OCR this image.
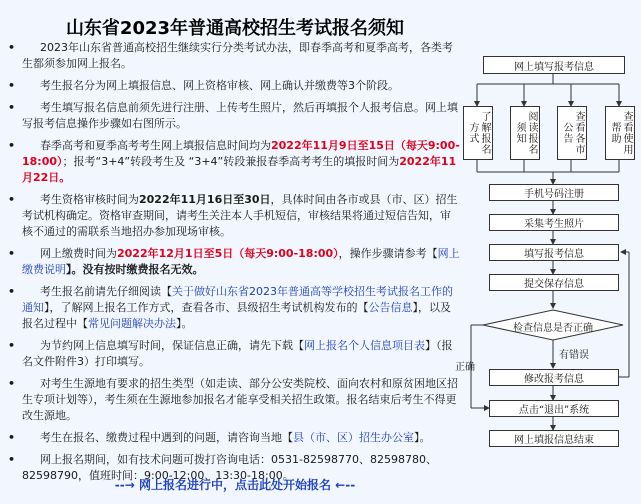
山东省2023年普通高校招生考试报名须知
• 2023年山东省普通高校招生继续实行分类考试办法，即春季高考和夏季高考，各类考生都须参加网上报名。
• 考生报名分为网上填报信息、网上资格审核、网上确认并缴费等3个阶段。
• 考生填写报名信息前须先进行注册、上传考生照片，然后再填报个人报考信息。网上填写报考信息操作步骤如右图所示。
• 春季高考和夏季高考考生网上填报信息时间均为2022年11月9日至15日（每天9:00-18:00）；报考“3+4”转段考生及 “3+4”转段兼报春季高考考生的填报时间为2022年11月22日。
• 考生资格审核时间为2022年11月16日至30日，具体时间由各市或县（市、区）招生考试机构确定。资格审查期间，请考生关注本人手机短信，审核结果将通过短信告知，审核不通过的需联系当地招办参加现场审核。
• 网上缴费时间为2022年12月1日至5日（每天9:00-18:00），操作步骤请参考【网上缴费说明】。没有按时缴费报名无效。
• 考生报名前请先仔细阅读【关于做好山东省2023年普通高等学校招生考试报名工作的通知】，了解网上报名工作方式，查看各市、县级招生考试机构发布的【公告信息】，以及报名过程中【常见问题解决办法】。
• 为节约网上信息填写时间，保证信息正确，请先下载【网上报名个人信息项目表】（报名文件附件3）打印填写。
• 对考生生源地有要求的招生类型（如走读、部分公安类院校、面向农村和原贫困地区招生专项计划等），考生须在生源地参加报名才能享受相关招生政策。报名结束后考生不得更改生源地。
• 考生在报名、缴费过程中遇到的问题，请咨询当地【县（市、区）招生办公室】。
• 网上报名期间，如有技术问题可拨打咨询电话：0531-82598770、82598780、82598790，值班时间：9:00-12:00、13:30-18:00。
--→ 网上报名进行中，点击此处开始报名 ←--
网上填写报考信息
了解报名方式	阅读报名须知	查看各市公告	查看使用帮助
手机号码注册
采集考生照片
填写报考信息
提交保存信息
检查信息是否正确
有错误
正确
修改报考信息
点击“退出”系统
网上填报信息结束
